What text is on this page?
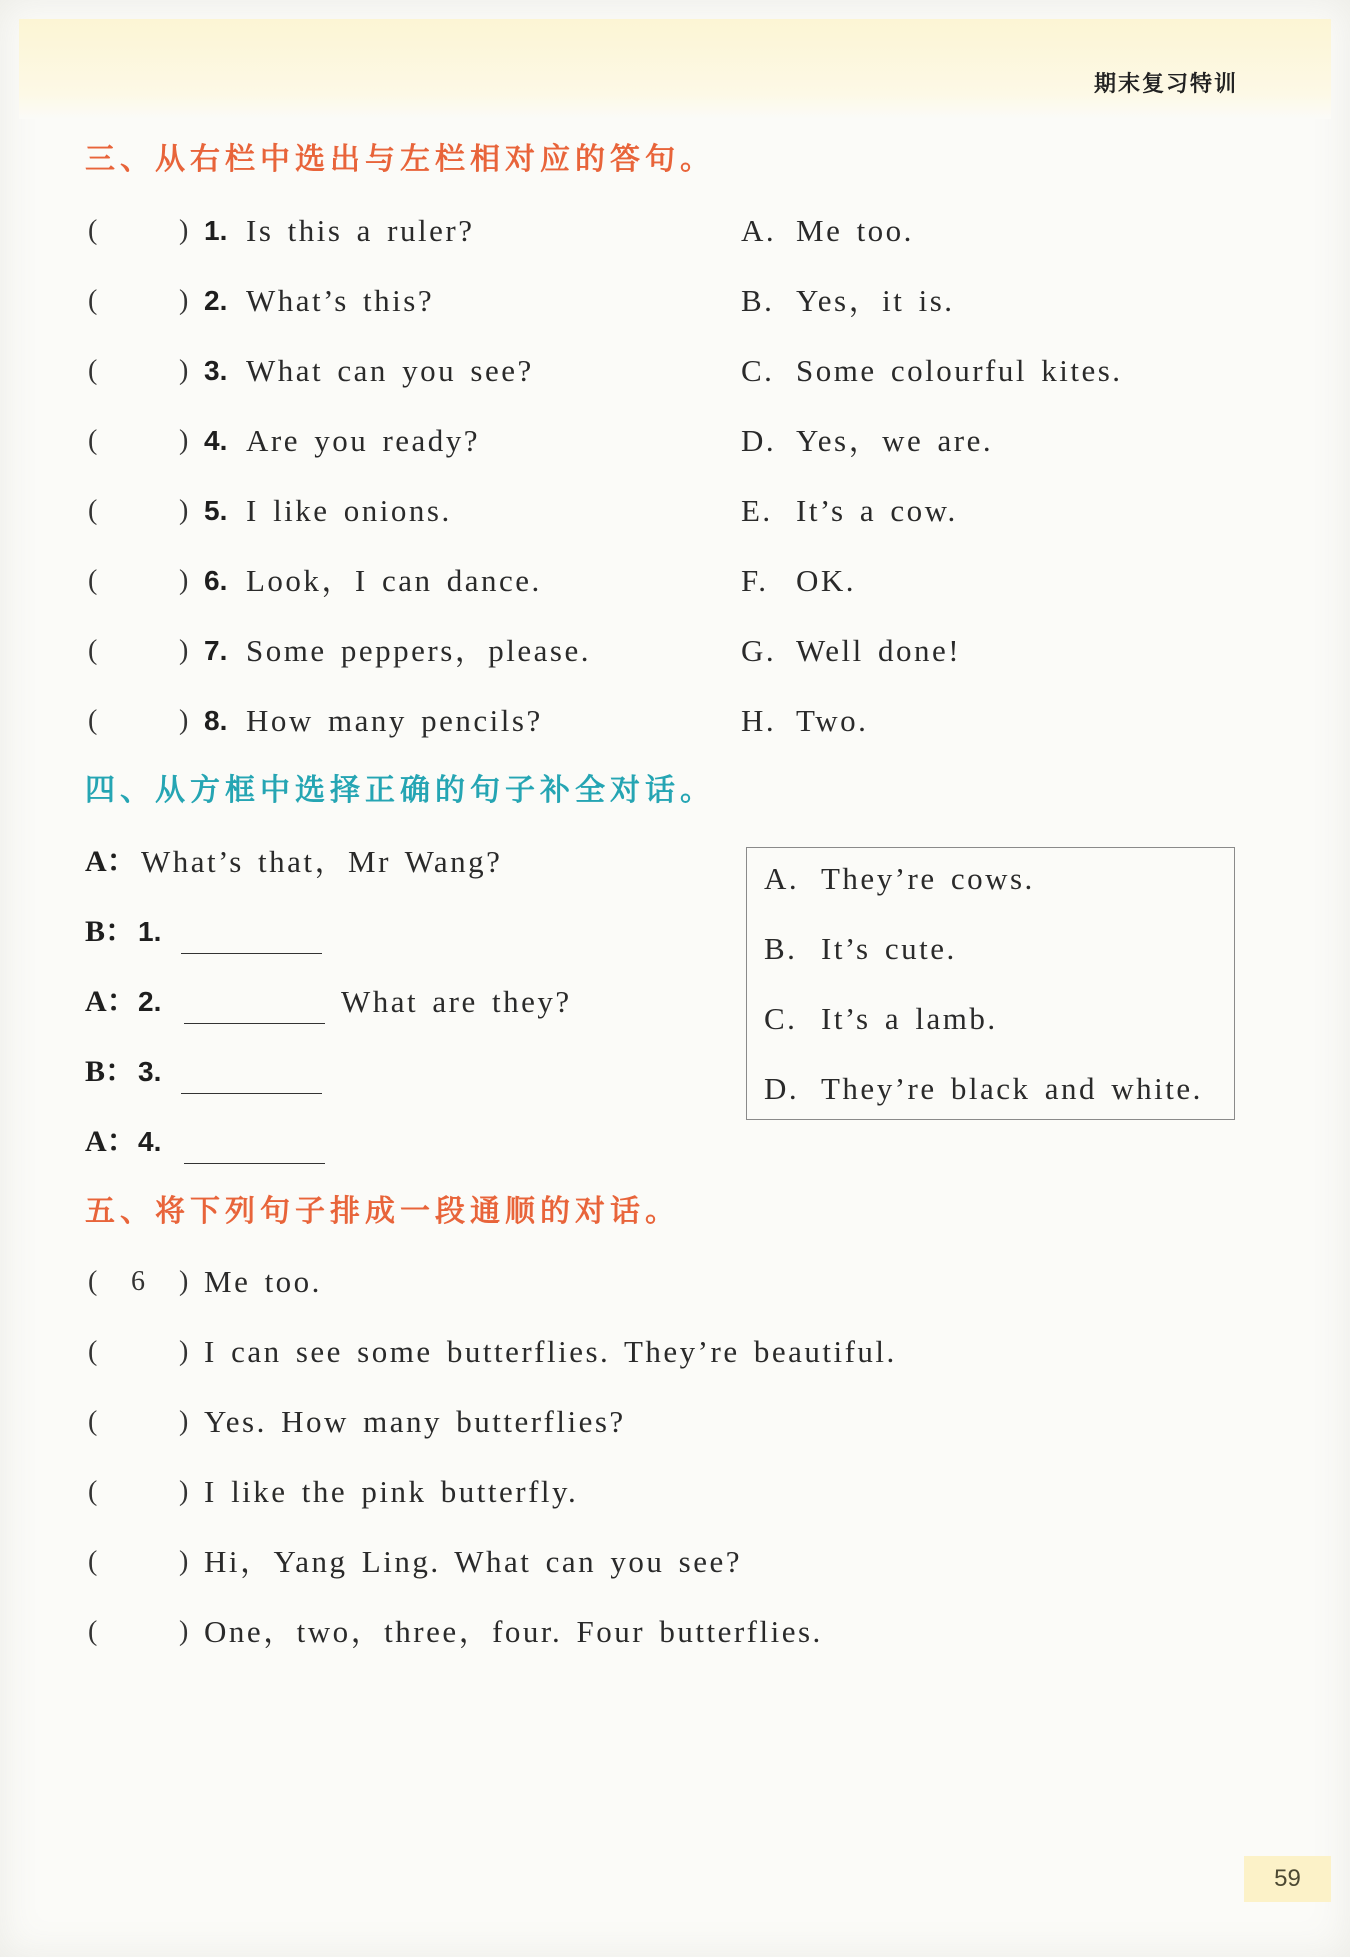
期末复习特训
三、从右栏中选出与左栏相对应的答句。
(	) 1. Is this a ruler?	A. Me too.
(	) 2. What’s this?	B. Yes，it is.
(	) 3. What can you see?	C. Some colourful kites.
(	) 4. Are you ready?	D. Yes，we are.
(	) 5. I like onions.	E. It’s a cow.
(	) 6. Look，I can dance.	F. OK.
(	) 7. Some peppers，please.	G. Well done!
(	) 8. How many pencils?	H. Two.
四、从方框中选择正确的句子补全对话。
A： What’s that，Mr Wang?
B： 1.
A： 2.	What are they?
B： 3.
A： 4.
A. They’re cows.
B. It’s cute.
C. It’s a lamb.
D. They’re black and white.
五、将下列句子排成一段通顺的对话。
( 6 ) Me too.
(	) I can see some butterflies. They’re beautiful.
(	) Yes. How many butterflies?
(	) I like the pink butterfly.
(	) Hi，Yang Ling. What can you see?
(	) One，two，three，four. Four butterflies.
59
